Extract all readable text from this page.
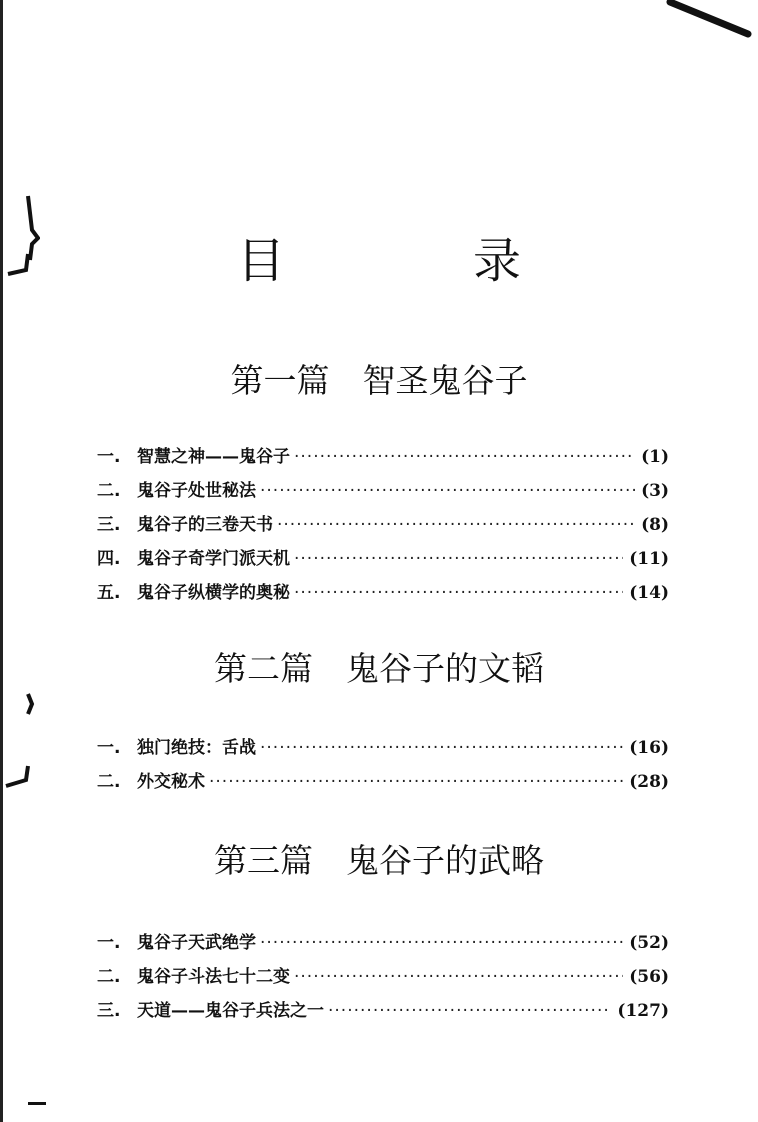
目　录
第一篇　智圣鬼谷子
一. 智慧之神——鬼谷子 ·····	(1)
二. 鬼谷子处世秘法 ·····	(3)
三. 鬼谷子的三卷天书 ·····	(8)
四. 鬼谷子奇学门派天机 ·····	(11)
五. 鬼谷子纵横学的奥秘 ·····	(14)
第二篇　鬼谷子的文韬
一. 独门绝技：舌战 ·····	(16)
二. 外交秘术 ·····	(28)
第三篇　鬼谷子的武略
一. 鬼谷子天武绝学 ·····	(52)
二. 鬼谷子斗法七十二变 ·····	(56)
三. 天道——鬼谷子兵法之一 ·····	(127)
